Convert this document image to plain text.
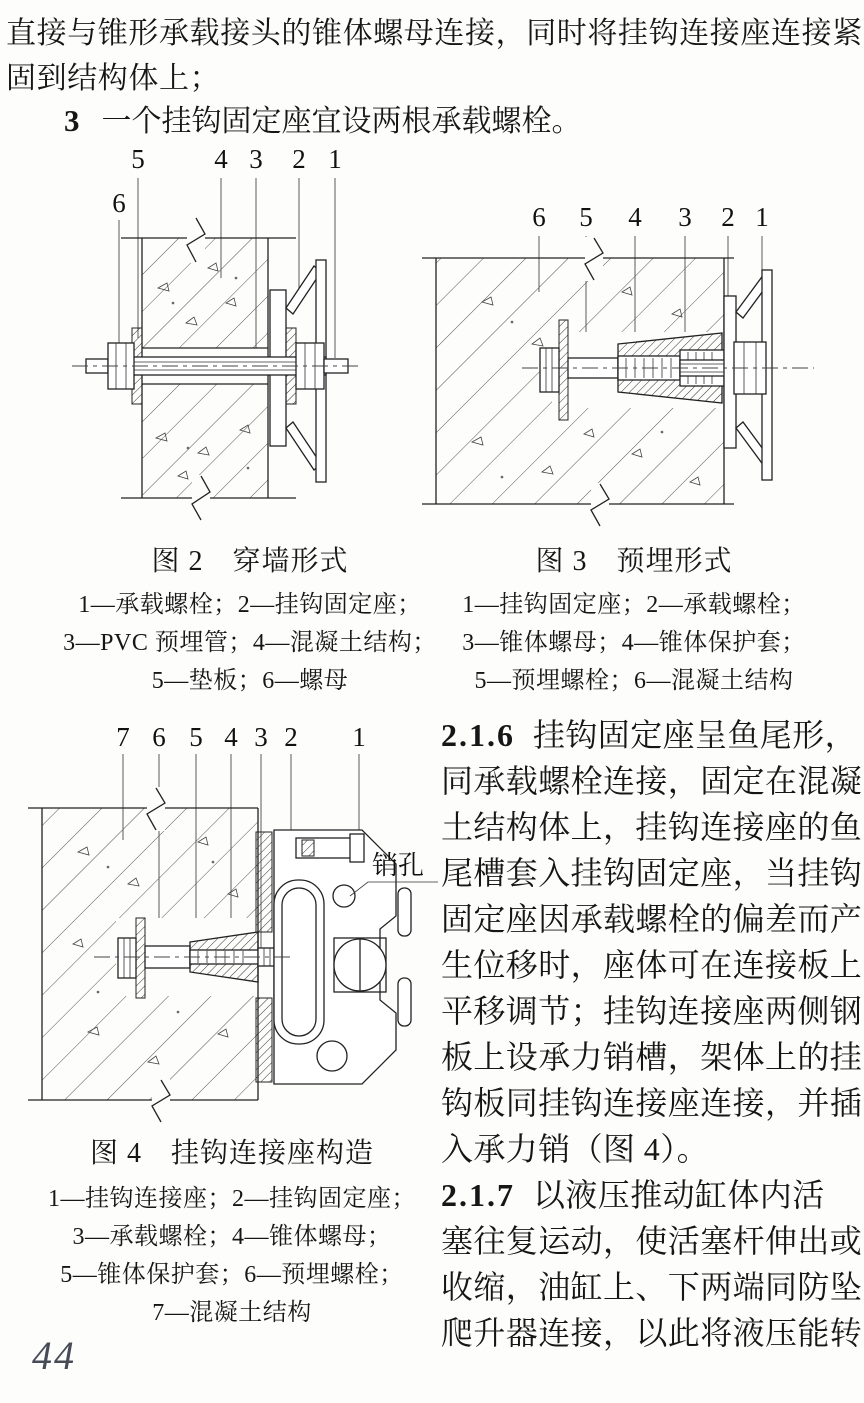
直接与锥形承载接头的锥体螺母连接，同时将挂钩连接座连接紧
固到结构体上；
3 一个挂钩固定座宜设两根承载螺栓。
5	4 3 2 1
6	6 5 4 3 2 1
图 2　穿墙形式
1—承载螺栓；2—挂钩固定座；
3—PVC 预埋管；4—混凝土结构；
5—垫板；6—螺母
图 3　预埋形式
1—挂钩固定座；2—承载螺栓；
3—锥体螺母；4—锥体保护套；
5—预埋螺栓；6—混凝土结构
销孔
7 6 5 4 3 2 1
图 4　挂钩连接座构造
1—挂钩连接座；2—挂钩固定座；
3—承载螺栓；4—锥体螺母；
5—锥体保护套；6—预埋螺栓；
7—混凝土结构
2.1.6 挂钩固定座呈鱼尾形，
同承载螺栓连接，固定在混凝
土结构体上，挂钩连接座的鱼
尾槽套入挂钩固定座，当挂钩
固定座因承载螺栓的偏差而产
生位移时，座体可在连接板上
平移调节；挂钩连接座两侧钢
板上设承力销槽，架体上的挂
钩板同挂钩连接座连接，并插
入承力销（图 4）。
2.1.7 以液压推动缸体内活
塞往复运动，使活塞杆伸出或
收缩，油缸上、下两端同防坠
爬升器连接，以此将液压能转
44
